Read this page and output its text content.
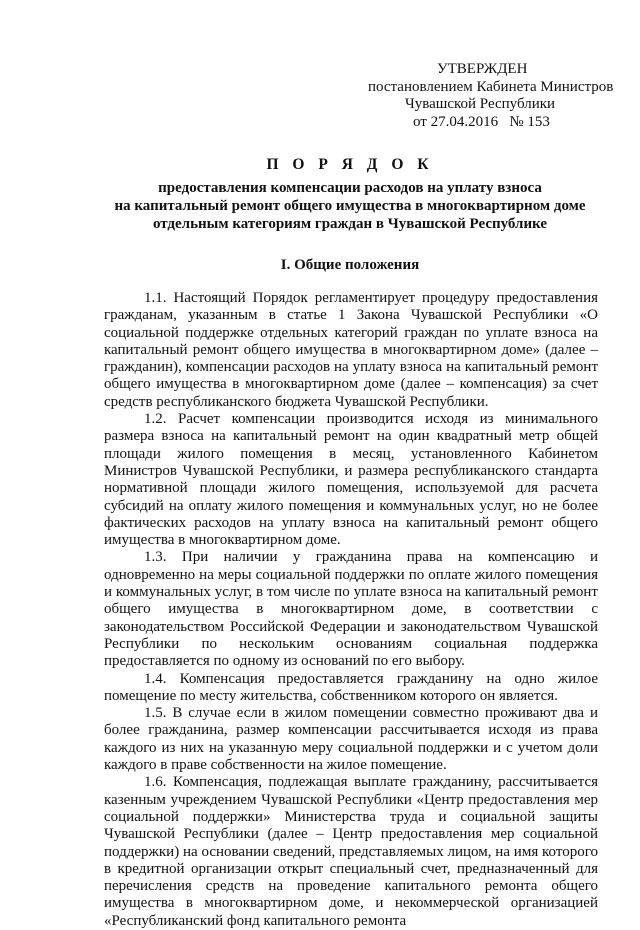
УТВЕРЖДЕН
постановлением Кабинета Министров
Чувашской Республики
от 27.04.2016   № 153
П О Р Я Д О К
предоставления компенсации расходов на уплату взноса
на капитальный ремонт общего имущества в многоквартирном доме
отдельным категориям граждан в Чувашской Республике
I. Общие положения

1.1. Настоящий Порядок регламентирует процедуру предоставления гражданам, указанным в статье 1 Закона Чувашской Республики «О социальной поддержке отдельных категорий граждан по уплате взноса на капитальный ремонт общего имущества в многоквартирном доме» (далее – гражданин), компенсации расходов на уплату взноса на капитальный ремонт общего имущества в многоквартирном доме (далее – компенсация) за счет средств республиканского бюджета Чувашской Республики.

1.2. Расчет компенсации производится исходя из минимального размера взноса на капитальный ремонт на один квадратный метр общей площади жилого помещения в месяц, установленного Кабинетом Министров Чувашской Республики, и размера республиканского стандарта нормативной площади жилого помещения, используемой для расчета субсидий на оплату жилого помещения и коммунальных услуг, но не более фактических расходов на уплату взноса на капитальный ремонт общего имущества в многоквартирном доме.

1.3. При наличии у гражданина права на компенсацию и одновременно на меры социальной поддержки по оплате жилого помещения и коммунальных услуг, в том числе по уплате взноса на капитальный ремонт общего имущества в многоквартирном доме, в соответствии с законодательством Российской Федерации и законодательством Чувашской Республики по нескольким основаниям социальная поддержка предоставляется по одному из оснований по его выбору.

1.4. Компенсация предоставляется гражданину на одно жилое помещение по месту жительства, собственником которого он является.

1.5. В случае если в жилом помещении совместно проживают два и более гражданина, размер компенсации рассчитывается исходя из права каждого из них на указанную меру социальной поддержки и с учетом доли каждого в праве собственности на жилое помещение.

1.6. Компенсация, подлежащая выплате гражданину, рассчитывается казенным учреждением Чувашской Республики «Центр предоставления мер социальной поддержки» Министерства труда и социальной защиты Чувашской Республики (далее – Центр предоставления мер социальной поддержки) на основании сведений, представляемых лицом, на имя которого в кредитной организации открыт специальный счет, предназначенный для перечисления средств на проведение капитального ремонта общего имущества в многоквартирном доме, и некоммерческой организацией «Республиканский фонд капитального ремонта
